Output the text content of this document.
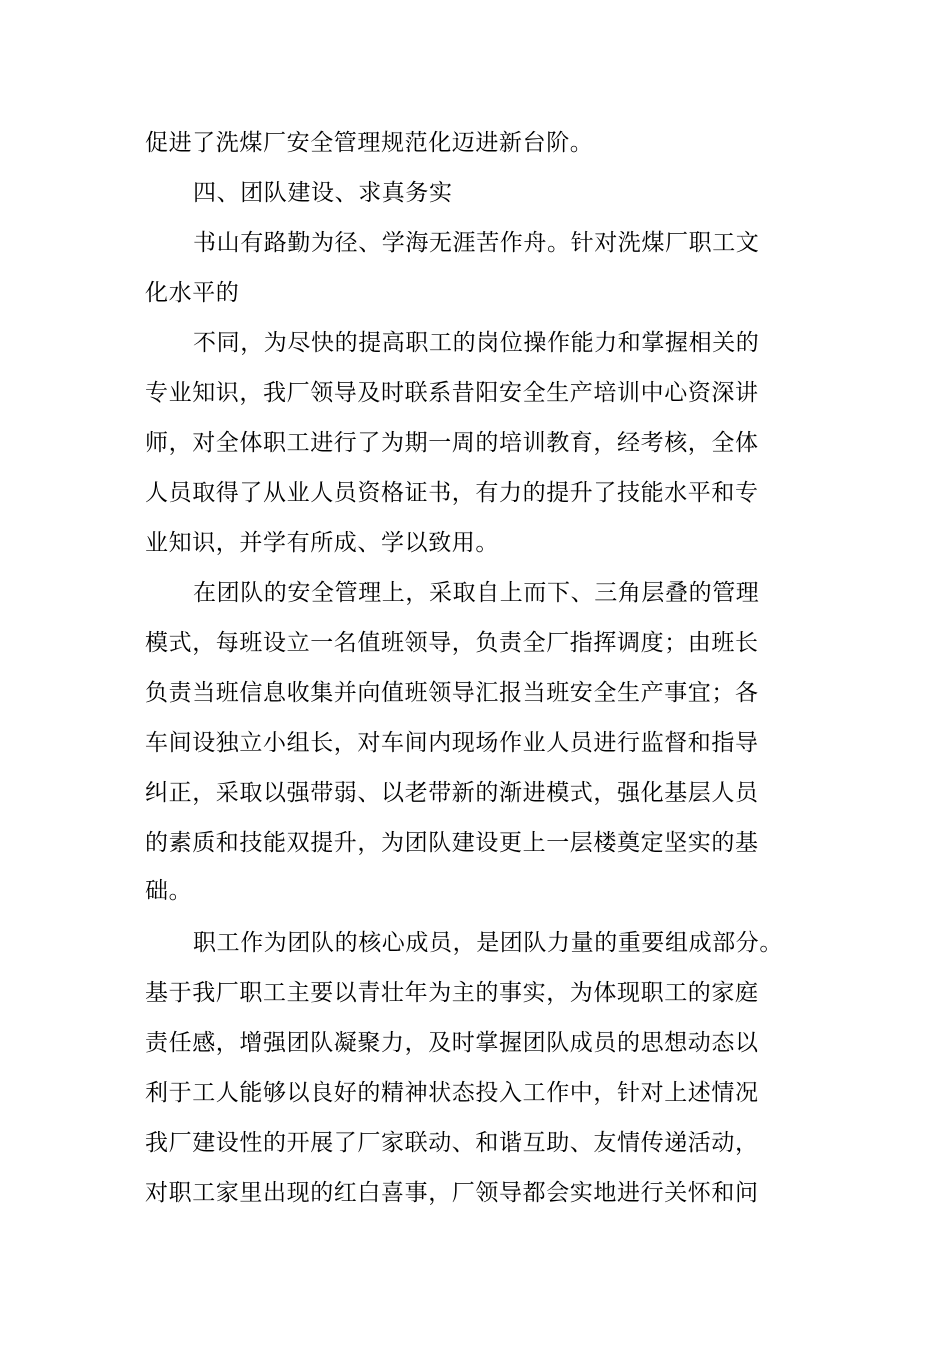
促进了洗煤厂安全管理规范化迈进新台阶。
四、团队建设、求真务实
书山有路勤为径、学海无涯苦作舟。针对洗煤厂职工文
化水平的
不同，为尽快的提高职工的岗位操作能力和掌握相关的
专业知识，我厂领导及时联系昔阳安全生产培训中心资深讲
师，对全体职工进行了为期一周的培训教育，经考核，全体
人员取得了从业人员资格证书，有力的提升了技能水平和专
业知识，并学有所成、学以致用。
在团队的安全管理上，采取自上而下、三角层叠的管理
模式，每班设立一名值班领导，负责全厂指挥调度；由班长
负责当班信息收集并向值班领导汇报当班安全生产事宜；各
车间设独立小组长，对车间内现场作业人员进行监督和指导
纠正，采取以强带弱、以老带新的渐进模式，强化基层人员
的素质和技能双提升，为团队建设更上一层楼奠定坚实的基
础。
职工作为团队的核心成员，是团队力量的重要组成部分。
基于我厂职工主要以青壮年为主的事实，为体现职工的家庭
责任感，增强团队凝聚力，及时掌握团队成员的思想动态以
利于工人能够以良好的精神状态投入工作中，针对上述情况
我厂建设性的开展了厂家联动、和谐互助、友情传递活动，
对职工家里出现的红白喜事，厂领导都会实地进行关怀和问
